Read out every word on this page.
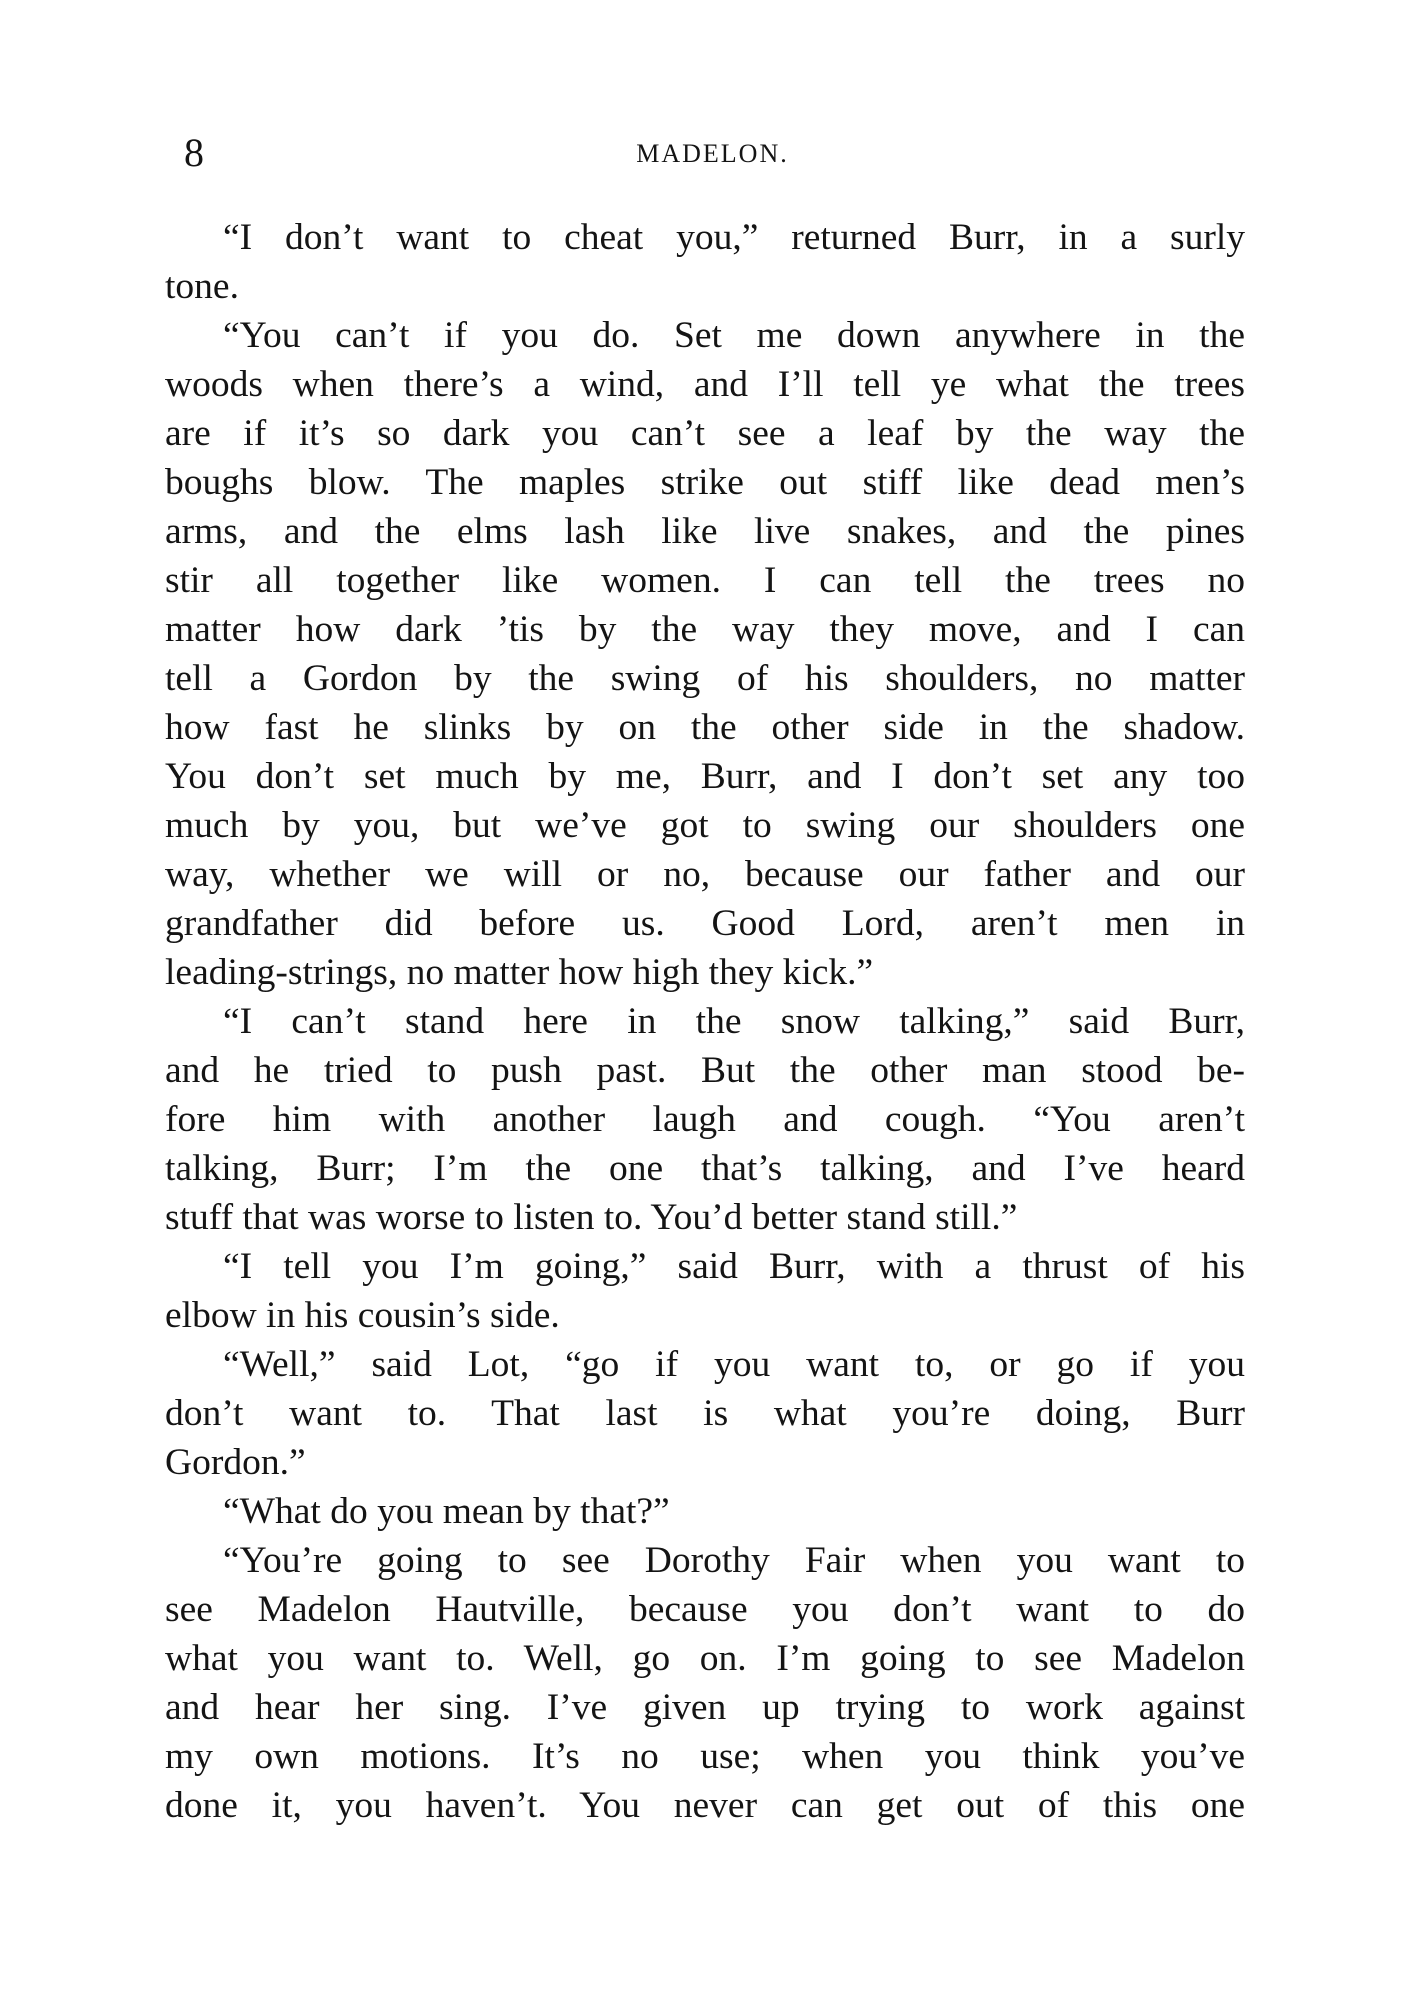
8	MADELON.
“I don’t want to cheat you,” returned Burr, in a surly
tone.
“You can’t if you do. Set me down anywhere in the
woods when there’s a wind, and I’ll tell ye what the trees
are if it’s so dark you can’t see a leaf by the way the
boughs blow. The maples strike out stiff like dead men’s
arms, and the elms lash like live snakes, and the pines
stir all together like women. I can tell the trees no
matter how dark ’tis by the way they move, and I can
tell a Gordon by the swing of his shoulders, no matter
how fast he slinks by on the other side in the shadow.
You don’t set much by me, Burr, and I don’t set any too
much by you, but we’ve got to swing our shoulders one
way, whether we will or no, because our father and our
grandfather did before us. Good Lord, aren’t men in
leading-strings, no matter how high they kick.”
“I can’t stand here in the snow talking,” said Burr,
and he tried to push past. But the other man stood be-
fore him with another laugh and cough. “You aren’t
talking, Burr; I’m the one that’s talking, and I’ve heard
stuff that was worse to listen to. You’d better stand still.”
“I tell you I’m going,” said Burr, with a thrust of his
elbow in his cousin’s side.
“Well,” said Lot, “go if you want to, or go if you
don’t want to. That last is what you’re doing, Burr
Gordon.”
“What do you mean by that?”
“You’re going to see Dorothy Fair when you want to
see Madelon Hautville, because you don’t want to do
what you want to. Well, go on. I’m going to see Madelon
and hear her sing. I’ve given up trying to work against
my own motions. It’s no use; when you think you’ve
done it, you haven’t. You never can get out of this one
